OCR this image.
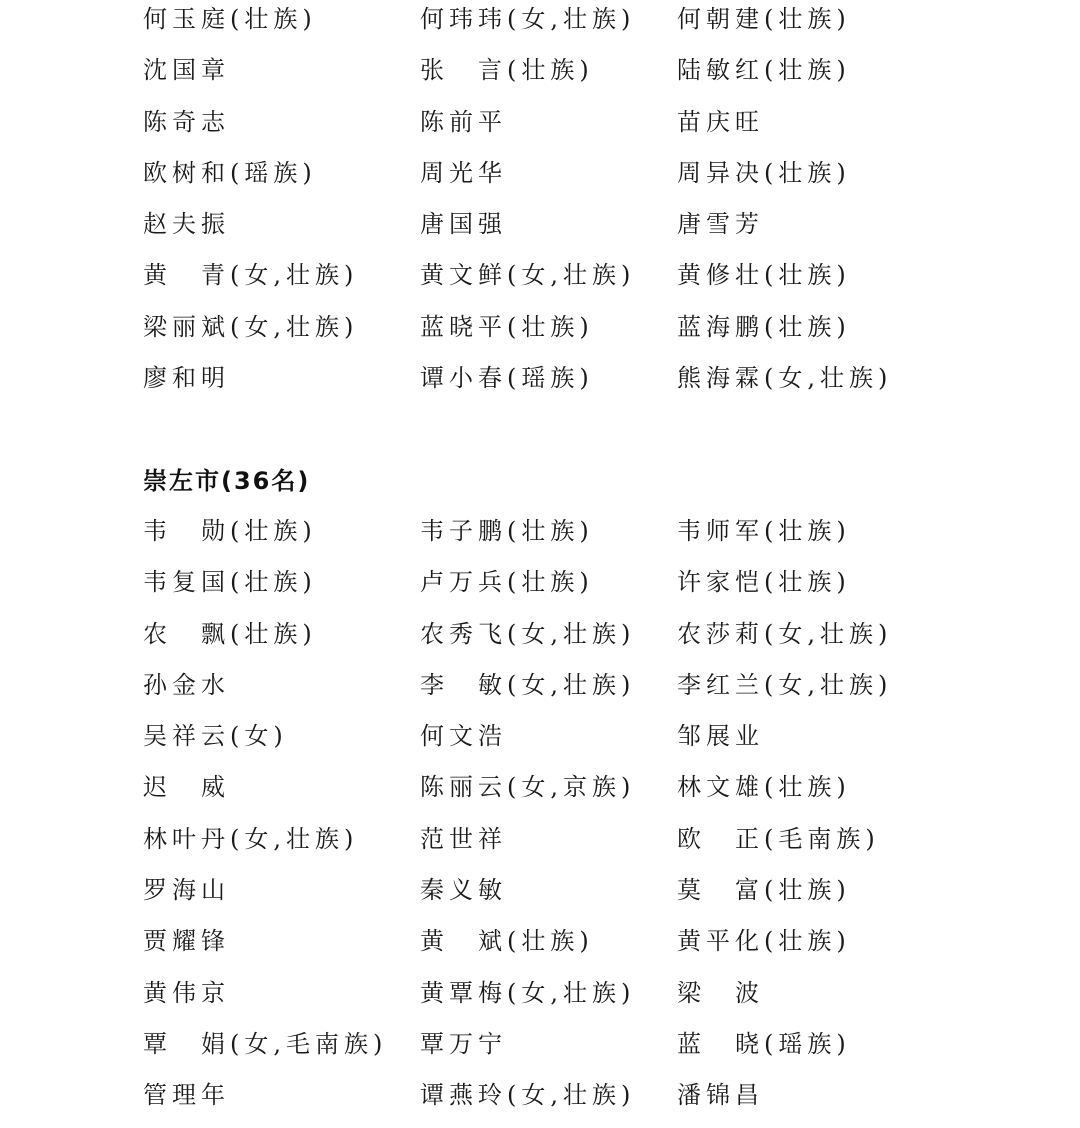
何玉庭(壮族)	何玮玮(女,壮族) 何朝建(壮族)
沈国章	张　言(壮族)	陆敏红(壮族)
陈奇志	陈前平	苗庆旺
欧树和(瑶族)	周光华	周异决(壮族)
赵夫振	唐国强	唐雪芳
黄　青(女,壮族)	黄文鲜(女,壮族) 黄修壮(壮族)
梁丽斌(女,壮族)	蓝晓平(壮族)	蓝海鹏(壮族)
廖和明	谭小春(瑶族)	熊海霖(女,壮族)
崇左市(36名)
韦　勋(壮族)	韦子鹏(壮族)	韦师军(壮族)
韦复国(壮族)	卢万兵(壮族)	许家恺(壮族)
农　飘(壮族)	农秀飞(女,壮族) 农莎莉(女,壮族)
孙金水	李　敏(女,壮族) 李红兰(女,壮族)
吴祥云(女)	何文浩	邹展业
迟　威	陈丽云(女,京族) 林文雄(壮族)
林叶丹(女,壮族)	范世祥	欧　正(毛南族)
罗海山	秦义敏	莫　富(壮族)
贾耀锋	黄　斌(壮族)	黄平化(壮族)
黄伟京	黄覃梅(女,壮族) 梁　波
覃　娟(女,毛南族) 覃万宁	蓝　晓(瑶族)
管理年	谭燕玲(女,壮族) 潘锦昌
